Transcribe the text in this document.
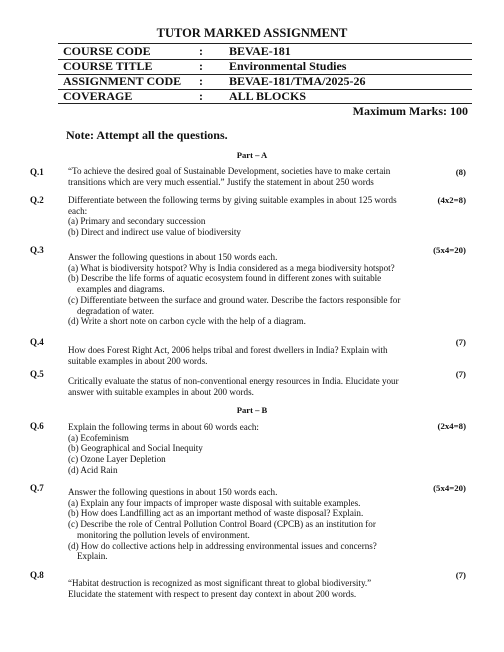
TUTOR MARKED ASSIGNMENT
COURSE CODE	: BEVAE-181
COURSE TITLE	: Environmental Studies
ASSIGNMENT CODE : BEVAE-181/TMA/2025-26
COVERAGE	: ALL BLOCKS
Maximum Marks: 100
Note: Attempt all the questions.
Part – A
Q.1	“To achieve the desired goal of Sustainable Development, societies have to make certain
transitions which are very much essential.” Justify the statement in about 250 words
(8)
Q.2	Differentiate between the following terms by giving suitable examples in about 125 words
each:
(a) Primary and secondary succession
(b) Direct and indirect use value of biodiversity
(4x2=8)
Q.3
Answer the following questions in about 150 words each.
(a) What is biodiversity hotspot? Why is India considered as a mega biodiversity hotspot?
(b) Describe the life forms of aquatic ecosystem found in different zones with suitable
examples and diagrams.
(c) Differentiate between the surface and ground water. Describe the factors responsible for
degradation of water.
(d) Write a short note on carbon cycle with the help of a diagram.
(5x4=20)
Q.4
How does Forest Right Act, 2006 helps tribal and forest dwellers in India? Explain with
suitable examples in about 200 words.
(7)
Q.5
Critically evaluate the status of non-conventional energy resources in India. Elucidate your
answer with suitable examples in about 200 words.
(7)
Part – B
Q.6	Explain the following terms in about 60 words each:
(a) Ecofeminism
(b) Geographical and Social Inequity
(c) Ozone Layer Depletion
(d) Acid Rain
(2x4=8)
Q.7	Answer the following questions in about 150 words each.
(a) Explain any four impacts of improper waste disposal with suitable examples.
(b) How does Landfilling act as an important method of waste disposal? Explain.
(c) Describe the role of Central Pollution Control Board (CPCB) as an institution for
monitoring the pollution levels of environment.
(d) How do collective actions help in addressing environmental issues and concerns?
Explain.
(5x4=20)
Q.8
“Habitat destruction is recognized as most significant threat to global biodiversity.”
Elucidate the statement with respect to present day context in about 200 words.
(7)
